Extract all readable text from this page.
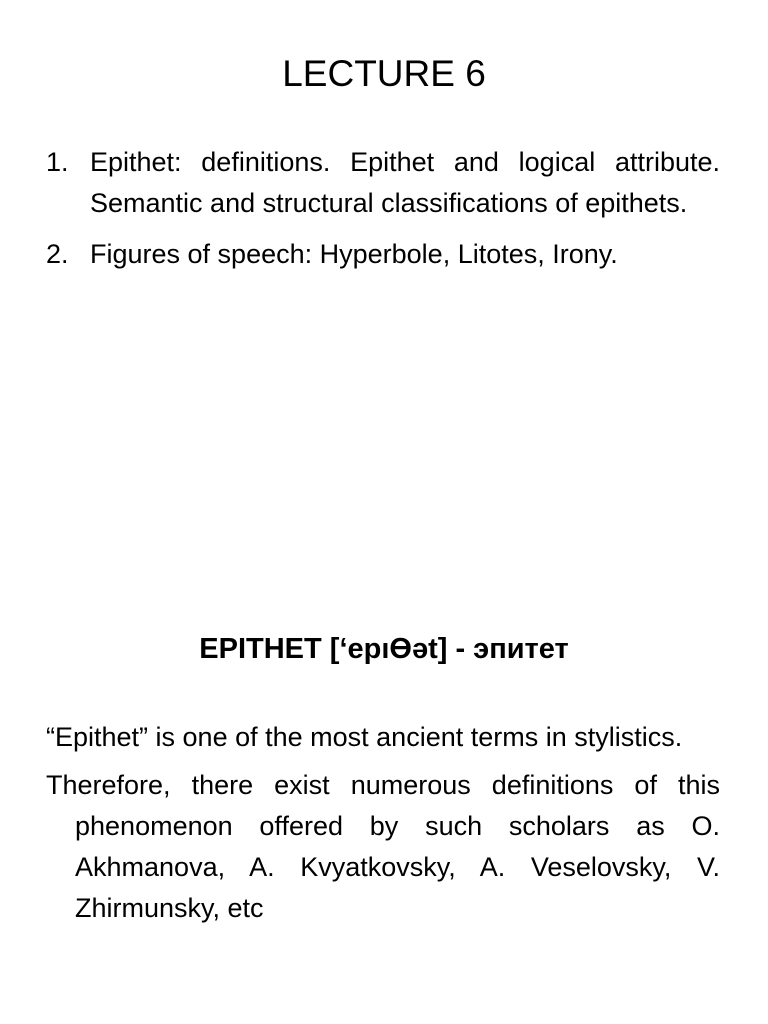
LECTURE 6
1. Epithet: definitions. Epithet and logical attribute. Semantic and structural classifications of epithets.
2. Figures of speech: Hyperbole, Litotes, Irony.
EPITHET [‘epıϴət] - эпитет

“Epithet” is one of the most ancient terms in stylistics.

Therefore, there exist numerous definitions of this phenomenon offered by such scholars as O. Akhmanova, A. Kvyatkovsky, A. Veselovsky, V. Zhirmunsky, etc
